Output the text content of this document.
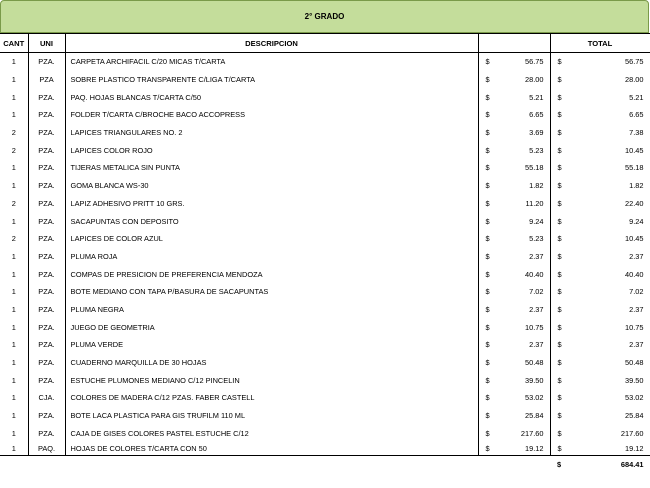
2° GRADO
CANT	UNI	DESCRIPCION		TOTAL
1	PZA.	CARPETA ARCHIFACIL C/20 MICAS T/CARTA	$ 56.75	$ 56.75

1	PZA	SOBRE PLASTICO TRANSPARENTE C/LIGA T/CARTA	$ 28.00	$ 28.00

1	PZA.	PAQ. HOJAS BLANCAS T/CARTA C/50	$ 5.21	$ 5.21

1	PZA.	FOLDER T/CARTA C/BROCHE BACO ACCOPRESS	$ 6.65	$ 6.65

2	PZA.	LAPICES TRIANGULARES NO. 2	$ 3.69	$ 7.38

2	PZA.	LAPICES COLOR ROJO	$ 5.23	$ 10.45

1	PZA.	TIJERAS METALICA SIN PUNTA	$ 55.18	$ 55.18

1	PZA.	GOMA BLANCA WS-30	$ 1.82	$ 1.82

2	PZA.	LAPIZ ADHESIVO PRITT 10 GRS.	$ 11.20	$ 22.40

1	PZA.	SACAPUNTAS CON DEPOSITO	$ 9.24	$ 9.24

2	PZA.	LAPICES DE COLOR AZUL	$ 5.23	$ 10.45

1	PZA.	PLUMA ROJA	$ 2.37	$ 2.37

1	PZA.	COMPAS DE PRESICION DE PREFERENCIA MENDOZA	$ 40.40	$ 40.40

1	PZA.	BOTE MEDIANO CON TAPA P/BASURA DE SACAPUNTAS	$ 7.02	$ 7.02

1	PZA.	PLUMA NEGRA	$ 2.37	$ 2.37

1	PZA.	JUEGO DE GEOMETRIA	$ 10.75	$ 10.75

1	PZA.	PLUMA VERDE	$ 2.37	$ 2.37

1	PZA.	CUADERNO MARQUILLA DE 30 HOJAS	$ 50.48	$ 50.48

1	PZA.	ESTUCHE PLUMONES MEDIANO C/12 PINCELIN	$ 39.50	$ 39.50

1	CJA.	COLORES DE MADERA C/12 PZAS. FABER CASTELL	$ 53.02	$ 53.02

1	PZA.	BOTE LACA PLASTICA PARA GIS TRUFILM 110 ML	$ 25.84	$ 25.84

1	PZA.	CAJA DE GISES COLORES PASTEL ESTUCHE C/12	$ 217.60	$ 217.60

1	PAQ.	HOJAS DE COLORES T/CARTA CON 50	$ 19.12	$ 19.12

				$ 684.41
